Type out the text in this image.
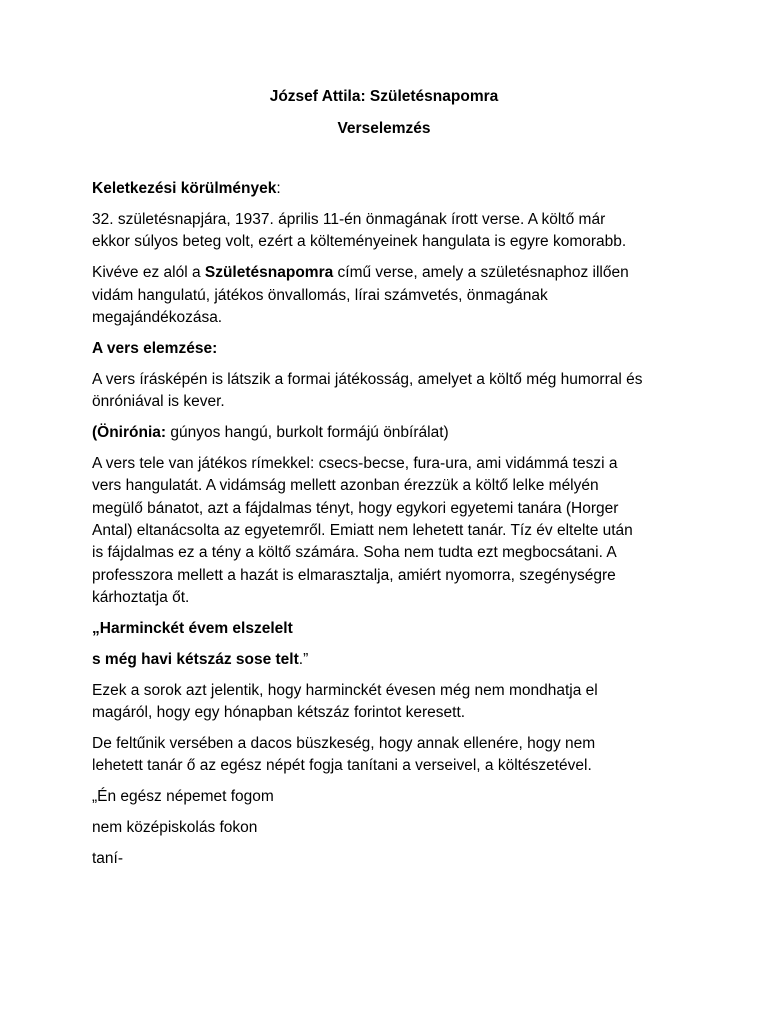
József Attila: Születésnapomra

Verselemzés

Keletkezési körülmények:

32. születésnapjára, 1937. április 11-én önmagának írott verse. A költő már
ekkor súlyos beteg volt, ezért a költeményeinek hangulata is egyre komorabb.

Kivéve ez alól a Születésnapomra című verse, amely a születésnaphoz illően
vidám hangulatú, játékos önvallomás, lírai számvetés, önmagának
megajándékozása.

A vers elemzése:

A vers írásképén is látszik a formai játékosság, amelyet a költő még humorral és
önróniával is kever.

(Önirónia: gúnyos hangú, burkolt formájú önbírálat)

A vers tele van játékos rímekkel: csecs-becse, fura-ura, ami vidámmá teszi a
vers hangulatát. A vidámság mellett azonban érezzük a költő lelke mélyén
megülő bánatot, azt a fájdalmas tényt, hogy egykori egyetemi tanára (Horger
Antal) eltanácsolta az egyetemről. Emiatt nem lehetett tanár. Tíz év eltelte után
is fájdalmas ez a tény a költő számára. Soha nem tudta ezt megbocsátani. A
professzora mellett a hazát is elmarasztalja, amiért nyomorra, szegénységre
kárhoztatja őt.

„Harminckét évem elszelelt

s még havi kétszáz sose telt.”

Ezek a sorok azt jelentik, hogy harminckét évesen még nem mondhatja el
magáról, hogy egy hónapban kétszáz forintot keresett.

De feltűnik versében a dacos büszkeség, hogy annak ellenére, hogy nem
lehetett tanár ő az egész népét fogja tanítani a verseivel, a költészetével.

„Én egész népemet fogom

nem középiskolás fokon

taní-
